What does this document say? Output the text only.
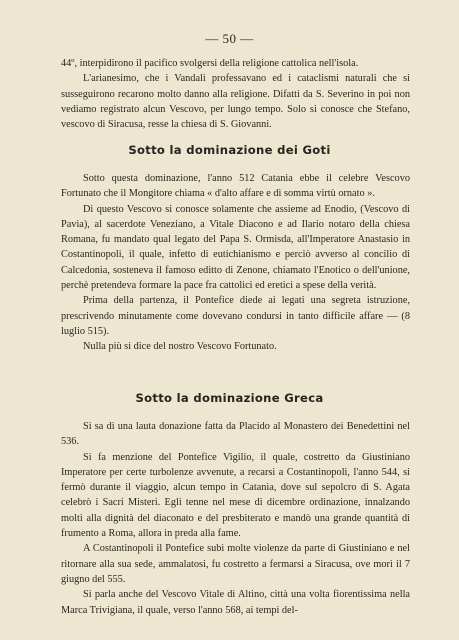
— 50 —

44º, interpidirono il pacifico svolgersi della religione cattolica nell'isola.

L'arianesimo, che i Vandali professavano ed i cataclismi naturali che si susseguirono recarono molto danno alla religione. Difatti da S. Severino in poi non vediamo registrato alcun Vescovo, per lungo tempo. Solo si conosce che Stefano, vescovo di Siracusa, resse la chiesa di S. Giovanni.

Sotto la dominazione dei Goti

Sotto questa dominazione, l'anno 512 Catania ebbe il celebre Vescovo Fortunato che il Mongitore chiama « d'alto affare e di somma virtù ornato ».

Di questo Vescovo si conosce solamente che assieme ad Enodio, (Vescovo di Pavia), al sacerdote Veneziano, a Vitale Diacono e ad Ilario notaro della chiesa Romana, fu mandato qual legato del Papa S. Ormisda, all'Imperatore Anastasio in Costantinopoli, il quale, infetto di eutichianismo e perciò avverso al concilio di Calcedonia, sosteneva il famoso editto di Zenone, chiamato l'Enotico o dell'unione, perchè pretendeva formare la pace fra cattolici ed eretici a spese della verità.

Prima della partenza, il Pontefice diede ai legati una segreta istruzione, prescrivendo minutamente come dovevano condursi in tanto difficile affare — (8 luglio 515).

Nulla più si dice del nostro Vescovo Fortunato.

Sotto la dominazione Greca

Si sa di una lauta donazione fatta da Placido al Monastero dei Benedettini nel 536.

Si fa menzione del Pontefice Vigilio, il quale, costretto da Giustiniano Imperatore per certe turbolenze avvenute, a recarsi a Costantinopoli, l'anno 544, si fermò durante il viaggio, alcun tempo in Catania, dove sul sepolcro di S. Agata celebrò i Sacri Misteri. Egli tenne nel mese di dicembre ordinazione, innalzando molti alla dignità del diaconato e del presbiterato e mandò una grande quantità di frumento a Roma, allora in preda alla fame.

A Costantinopoli il Pontefice subì molte violenze da parte di Giustiniano e nel ritornare alla sua sede, ammalatosi, fu costretto a fermarsi a Siracusa, ove morì il 7 giugno del 555.

Si parla anche del Vescovo Vitale di Altino, città una volta fiorentissima nella Marca Trivigiana, il quale, verso l'anno 568, ai tempi del-
